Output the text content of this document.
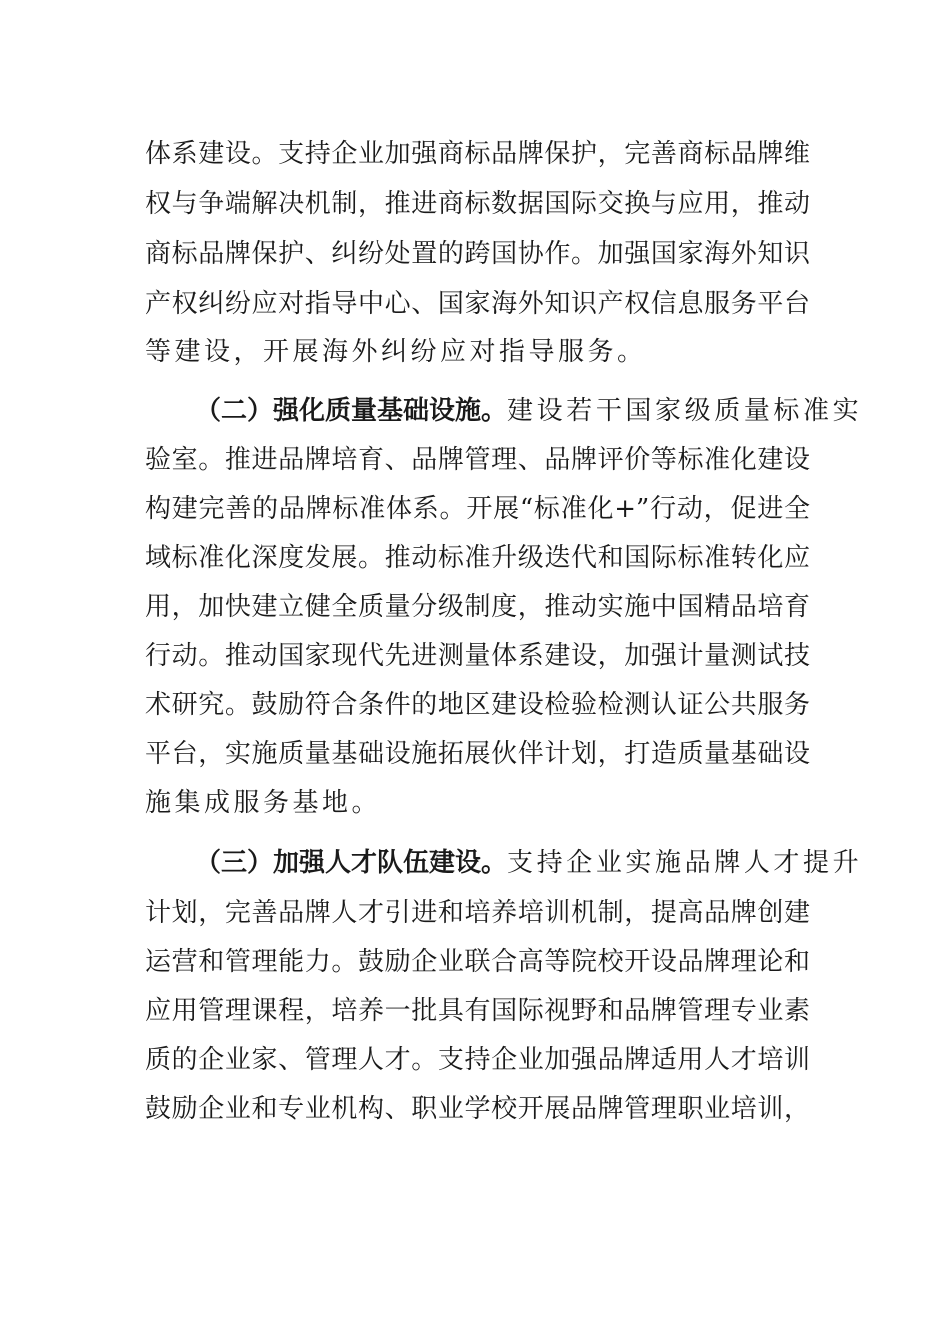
体系建设。支持企业加强商标品牌保护，完善商标品牌维
权与争端解决机制，推进商标数据国际交换与应用，推动
商标品牌保护、纠纷处置的跨国协作。加强国家海外知识
产权纠纷应对指导中心、国家海外知识产权信息服务平台
等建设，开展海外纠纷应对指导服务。
（二）强化质量基础设施。 建设若干国家级质量标准实
验室。推进品牌培育、品牌管理、品牌评价等标准化建设
构建完善的品牌标准体系。开展“标准化+”行动，促进全
域标准化深度发展。推动标准升级迭代和国际标准转化应
用，加快建立健全质量分级制度，推动实施中国精品培育
行动。推动国家现代先进测量体系建设，加强计量测试技
术研究。鼓励符合条件的地区建设检验检测认证公共服务
平台，实施质量基础设施拓展伙伴计划，打造质量基础设
施集成服务基地。
（三）加强人才队伍建设。 支持企业实施品牌人才提升
计划，完善品牌人才引进和培养培训机制，提高品牌创建
运营和管理能力。鼓励企业联合高等院校开设品牌理论和
应用管理课程，培养一批具有国际视野和品牌管理专业素
质的企业家、管理人才。支持企业加强品牌适用人才培训
鼓励企业和专业机构、职业学校开展品牌管理职业培训，
